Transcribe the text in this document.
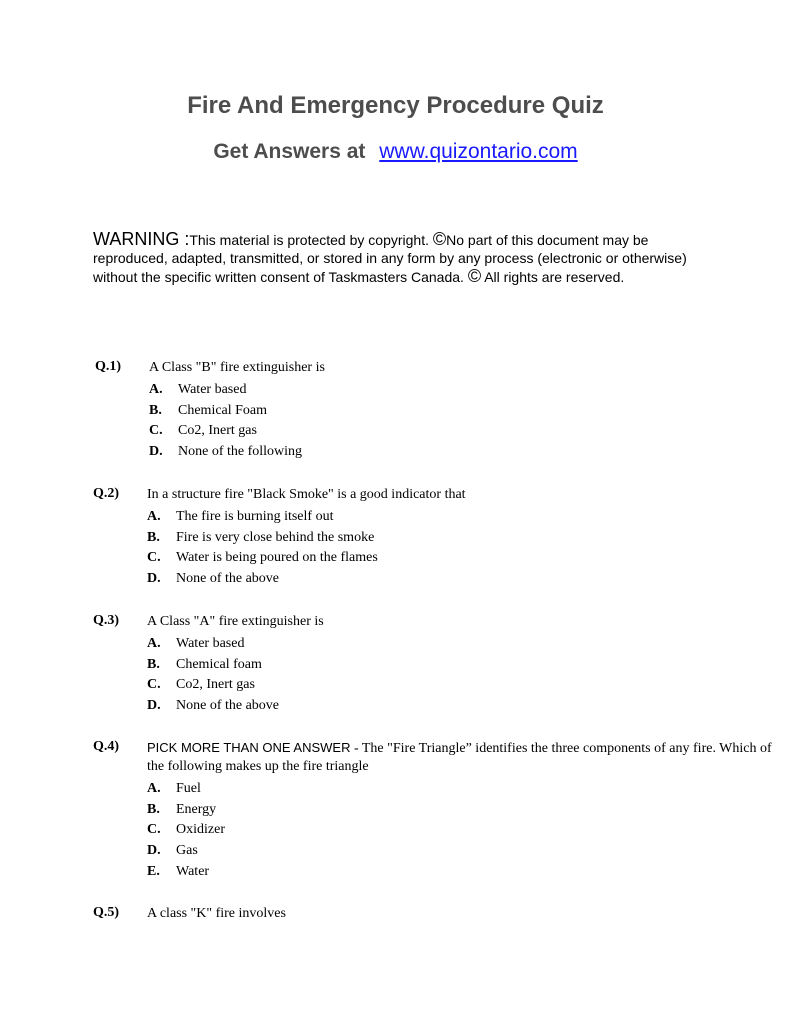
Fire And Emergency Procedure Quiz
Get Answers at www.quizontario.com
WARNING :This material is protected by copyright. ©No part of this document may be reproduced, adapted, transmitted, or stored in any form by any process (electronic or otherwise) without the specific written consent of Taskmasters Canada. © All rights are reserved.
Q.1)	A Class "B" fire extinguisher is
A. Water based
B. Chemical Foam
C. Co2, Inert gas
D. None of the following
Q.2)	In a structure fire "Black Smoke" is a good indicator that
A. The fire is burning itself out
B. Fire is very close behind the smoke
C. Water is being poured on the flames
D. None of the above
Q.3)	A Class "A" fire extinguisher is
A. Water based
B. Chemical foam
C. Co2, Inert gas
D. None of the above
Q.4)	PICK MORE THAN ONE ANSWER - The "Fire Triangle” identifies the three components of any fire. Which of the following makes up the fire triangle
A. Fuel
B. Energy
C. Oxidizer
D. Gas
E. Water
Q.5)	A class "K" fire involves
